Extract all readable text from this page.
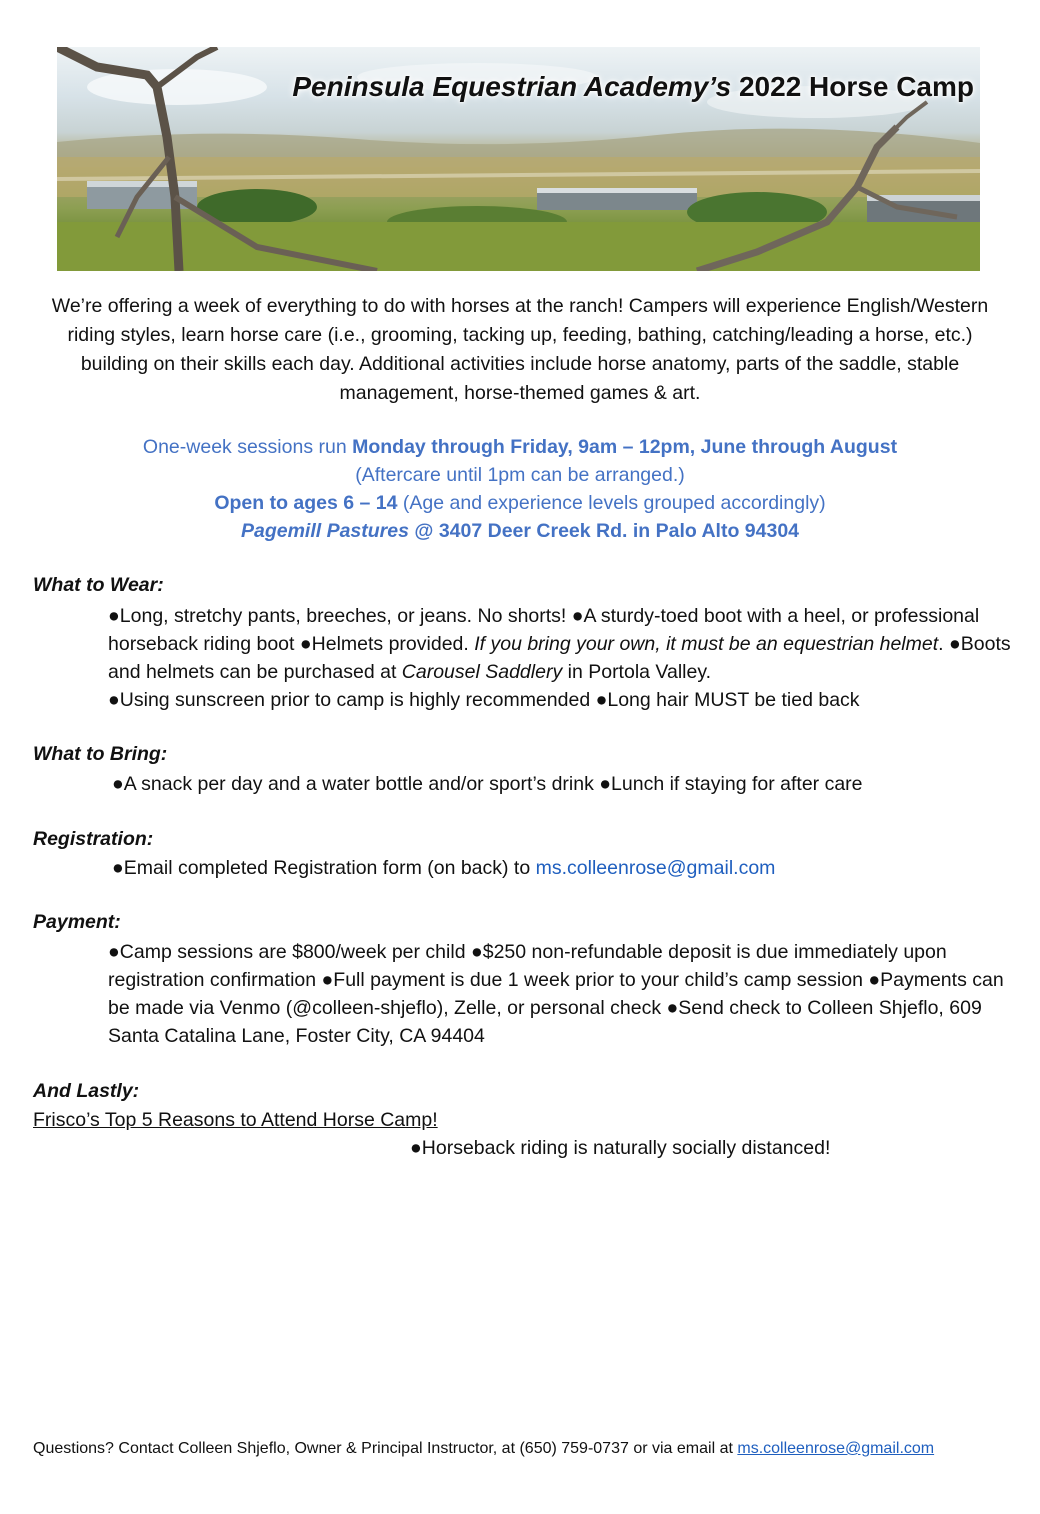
Peninsula Equestrian Academy’s 2022 Horse Camp

We’re offering a week of everything to do with horses at the ranch! Campers will experience English/Western riding styles, learn horse care (i.e., grooming, tacking up, feeding, bathing, catching/leading a horse, etc.) building on their skills each day. Additional activities include horse anatomy, parts of the saddle, stable management, horse-themed games & art.

One-week sessions run Monday through Friday, 9am – 12pm, June through August
(Aftercare until 1pm can be arranged.)
Open to ages 6 – 14 (Age and experience levels grouped accordingly)
Pagemill Pastures @ 3407 Deer Creek Rd. in Palo Alto 94304
What to Wear:
●Long, stretchy pants, breeches, or jeans. No shorts! ●A sturdy-toed boot with a heel, or professional horseback riding boot ●Helmets provided. If you bring your own, it must be an equestrian helmet. ●Boots and helmets can be purchased at Carousel Saddlery in Portola Valley.
●Using sunscreen prior to camp is highly recommended ●Long hair MUST be tied back
What to Bring:
●A snack per day and a water bottle and/or sport’s drink ●Lunch if staying for after care
Registration:
●Email completed Registration form (on back) to ms.colleenrose@gmail.com
Payment:
●Camp sessions are $800/week per child ●$250 non-refundable deposit is due immediately upon registration confirmation ●Full payment is due 1 week prior to your child’s camp session ●Payments can be made via Venmo (@colleen-shjeflo), Zelle, or personal check ●Send check to Colleen Shjeflo, 609 Santa Catalina Lane, Foster City, CA 94404
And Lastly:
Frisco’s Top 5 Reasons to Attend Horse Camp!
●Horseback riding is naturally socially distanced!
Questions? Contact Colleen Shjeflo, Owner & Principal Instructor, at (650) 759-0737 or via email at ms.colleenrose@gmail.com
